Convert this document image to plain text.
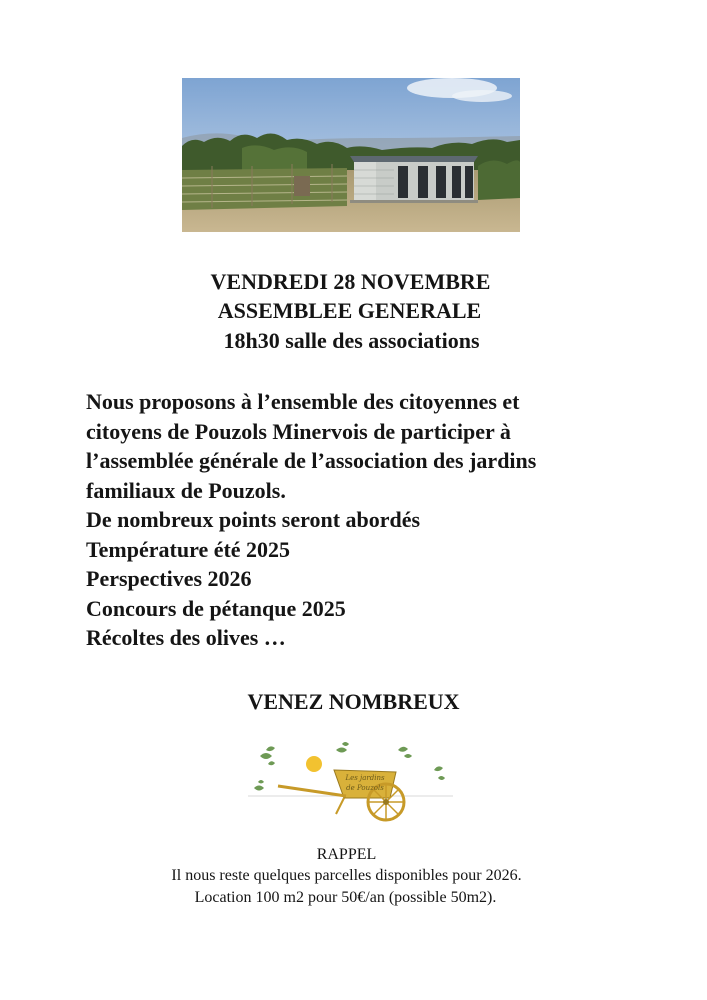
VENDREDI 28 NOVEMBRE
ASSEMBLEE GENERALE
18h30 salle des associations

Nous proposons à l’ensemble des citoyennes et

citoyens de Pouzols Minervois de participer à

l’assemblée générale de l’association des jardins

familiaux de Pouzols.

De nombreux points seront abordés

Température été 2025

Perspectives 2026

Concours de pétanque 2025

Récoltes des olives …

VENEZ NOMBREUX

Les jardins
de Pouzols

RAPPEL

Il nous reste quelques parcelles disponibles pour 2026.

Location 100 m2 pour 50€/an (possible 50m2).
